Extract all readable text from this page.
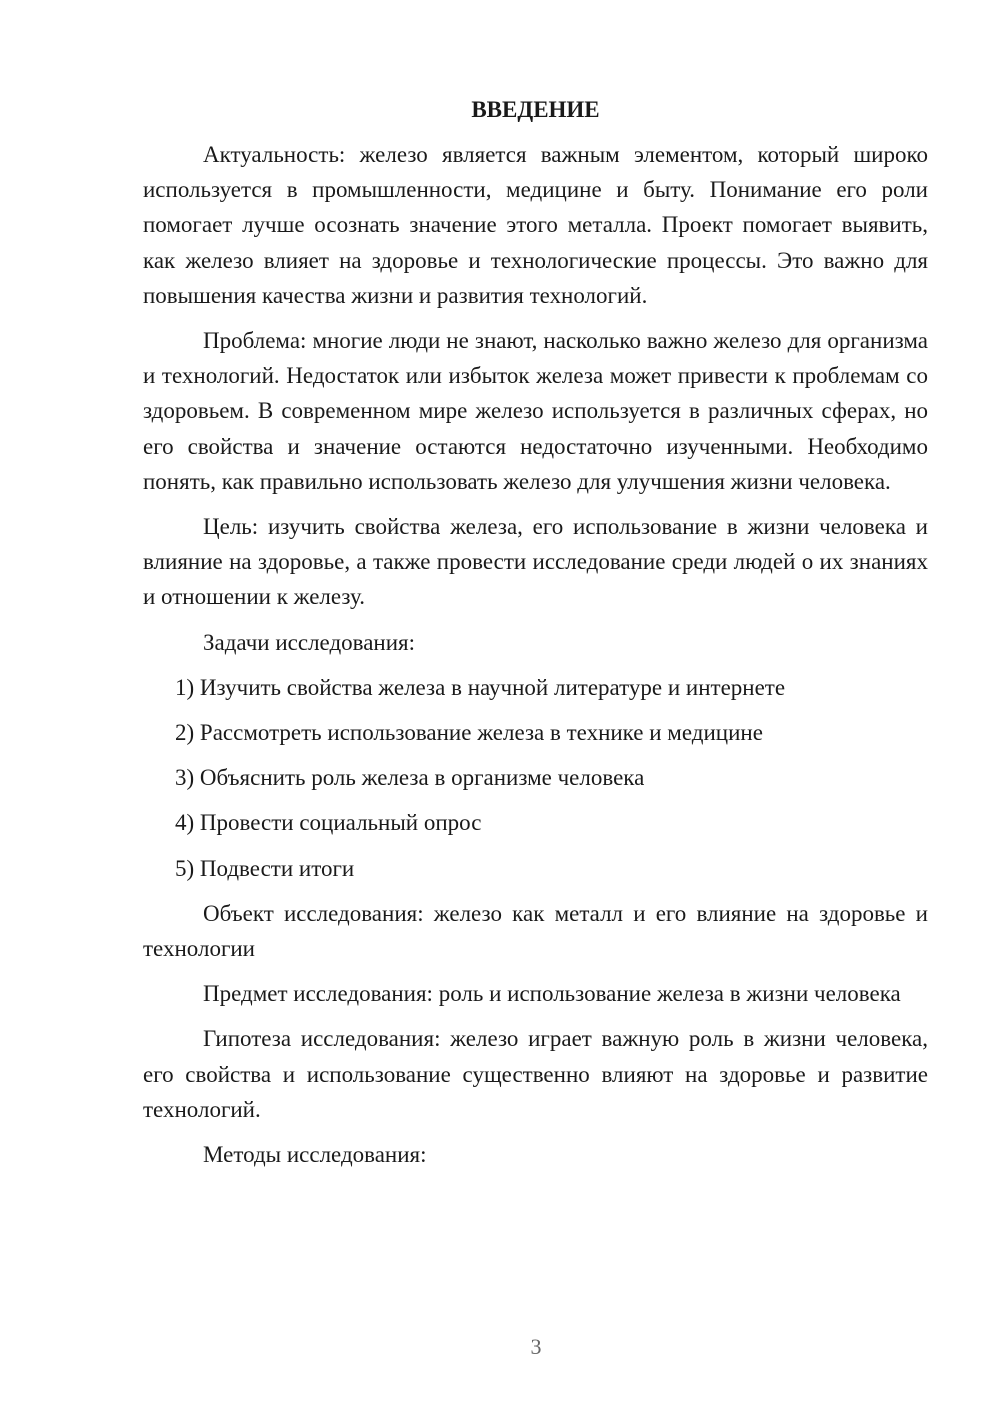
ВВЕДЕНИЕ

Актуальность: железо является важным элементом, который широко используется в промышленности, медицине и быту. Понимание его роли помогает лучше осознать значение этого металла. Проект помогает выявить, как железо влияет на здоровье и технологические процессы. Это важно для повышения качества жизни и развития технологий.

Проблема: многие люди не знают, насколько важно железо для организма и технологий. Недостаток или избыток железа может привести к проблемам со здоровьем. В современном мире железо используется в различных сферах, но его свойства и значение остаются недостаточно изученными. Необходимо понять, как правильно использовать железо для улучшения жизни человека.

Цель: изучить свойства железа, его использование в жизни человека и влияние на здоровье, а также провести исследование среди людей о их знаниях и отношении к железу.

Задачи исследования:

1) Изучить свойства железа в научной литературе и интернете
2) Рассмотреть использование железа в технике и медицине
3) Объяснить роль железа в организме человека
4) Провести социальный опрос
5) Подвести итоги

Объект исследования: железо как металл и его влияние на здоровье и технологии

Предмет исследования: роль и использование железа в жизни человека

Гипотеза исследования: железо играет важную роль в жизни человека, его свойства и использование существенно влияют на здоровье и развитие технологий.

Методы исследования:

3
